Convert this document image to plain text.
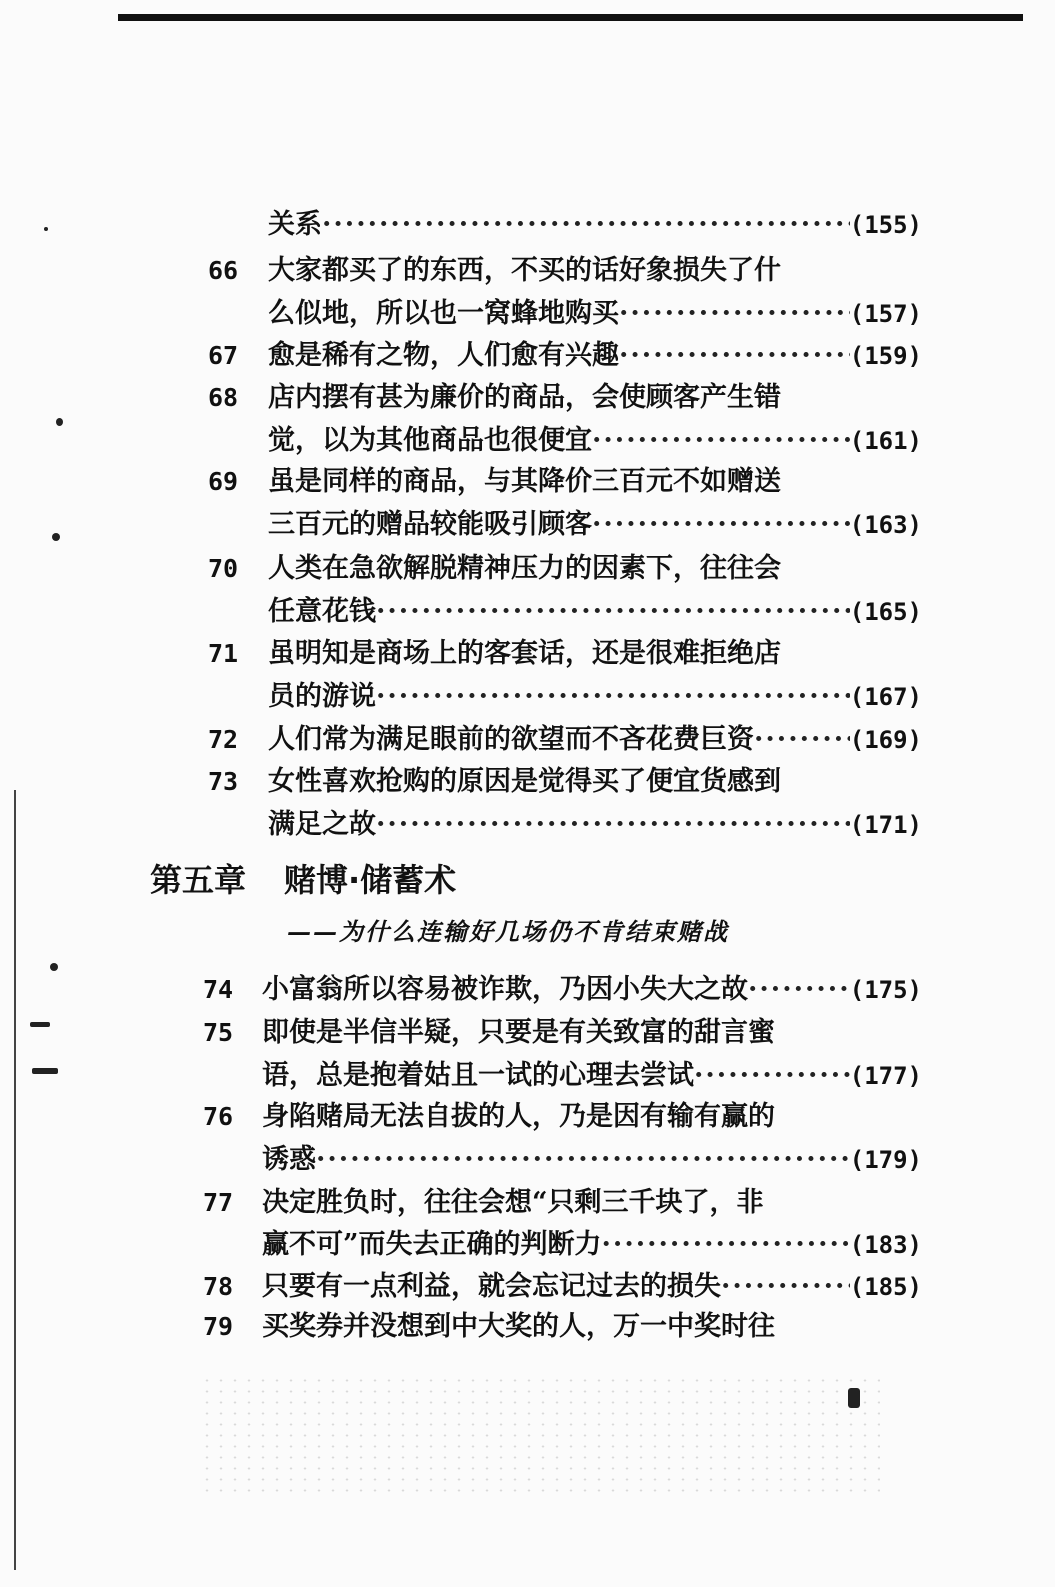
第五章 赌博·储蓄术
——为什么连输好几场仍不肯结束赌战
关系 ·····	(155)
66	大家都买了的东西，不买的话好象损失了什
么似地，所以也一窝蜂地购买 ·····	(157)
67	愈是稀有之物，人们愈有兴趣 ·····	(159)
68	店内摆有甚为廉价的商品，会使顾客产生错
觉，以为其他商品也很便宜 ·····	(161)
69	虽是同样的商品，与其降价三百元不如赠送
三百元的赠品较能吸引顾客 ·····	(163)
70	人类在急欲解脱精神压力的因素下，往往会
任意花钱 ·····	(165)
71	虽明知是商场上的客套话，还是很难拒绝店
员的游说 ·····	(167)
72	人们常为满足眼前的欲望而不吝花费巨资 ·····	(169)
73	女性喜欢抢购的原因是觉得买了便宜货感到
满足之故 ·····	(171)
74	小富翁所以容易被诈欺，乃因小失大之故 ·····	(175)
75	即使是半信半疑，只要是有关致富的甜言蜜
语，总是抱着姑且一试的心理去尝试 ·····	(177)
76	身陷赌局无法自拔的人，乃是因有输有赢的
诱惑 ·····	(179)
77	决定胜负时，往往会想“只剩三千块了，非
赢不可”而失去正确的判断力 ·····	(183)
78	只要有一点利益，就会忘记过去的损失 ·····	(185)
79	买奖券并没想到中大奖的人，万一中奖时往
